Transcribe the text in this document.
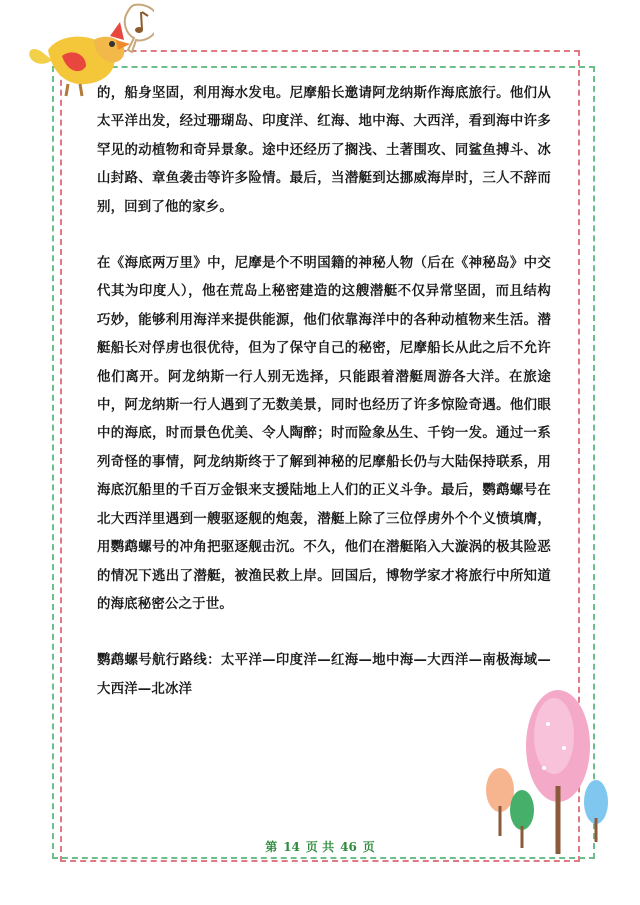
的，船身坚固，利用海水发电。尼摩船长邀请阿龙纳斯作海底旅行。他们从太平洋出发，经过珊瑚岛、印度洋、红海、地中海、大西洋，看到海中许多罕见的动植物和奇异景象。途中还经历了搁浅、土著围攻、同鲨鱼搏斗、冰山封路、章鱼袭击等许多险情。最后，当潜艇到达挪威海岸时，三人不辞而别，回到了他的家乡。

在《海底两万里》中，尼摩是个不明国籍的神秘人物（后在《神秘岛》中交代其为印度人），他在荒岛上秘密建造的这艘潜艇不仅异常坚固，而且结构巧妙，能够利用海洋来提供能源，他们依靠海洋中的各种动植物来生活。潜艇船长对俘虏也很优待，但为了保守自己的秘密，尼摩船长从此之后不允许他们离开。阿龙纳斯一行人别无选择，只能跟着潜艇周游各大洋。在旅途中，阿龙纳斯一行人遇到了无数美景，同时也经历了许多惊险奇遇。他们眼中的海底，时而景色优美、令人陶醉；时而险象丛生、千钧一发。通过一系列奇怪的事情，阿龙纳斯终于了解到神秘的尼摩船长仍与大陆保持联系，用海底沉船里的千百万金银来支援陆地上人们的正义斗争。最后，鹦鹉螺号在北大西洋里遇到一艘驱逐舰的炮轰，潜艇上除了三位俘虏外个个义愤填膺，用鹦鹉螺号的冲角把驱逐舰击沉。不久，他们在潜艇陷入大漩涡的极其险恶的情况下逃出了潜艇，被渔民救上岸。回国后，博物学家才将旅行中所知道的海底秘密公之于世。

鹦鹉螺号航行路线：太平洋—印度洋—红海—地中海—大西洋—南极海域—大西洋—北冰洋

第 14 页 共 46 页
